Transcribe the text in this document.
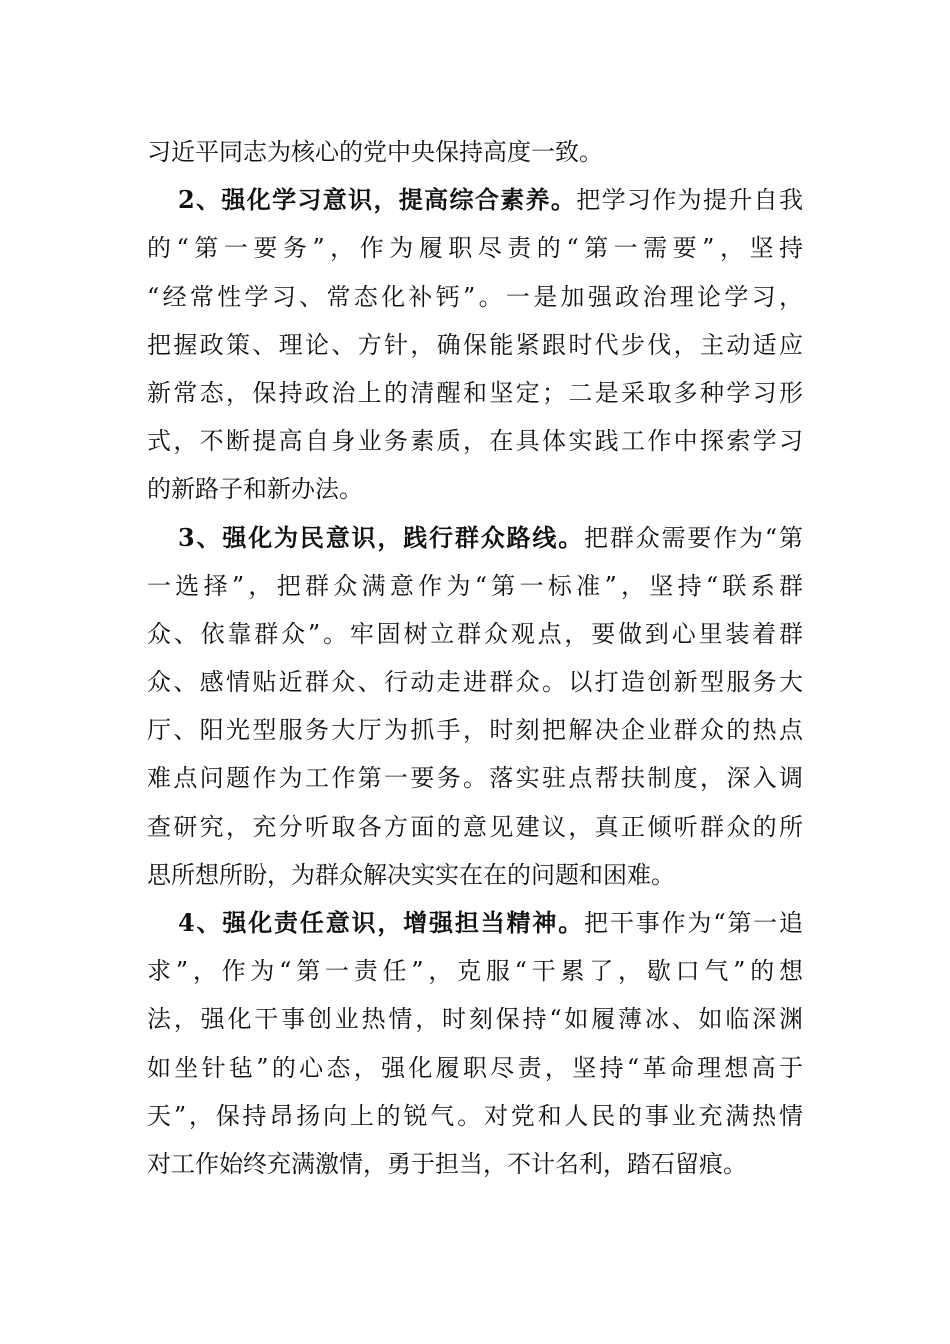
习近平同志为核心的党中央保持高度一致。
2、强化学习意识，提高综合素养。把学习作为提升自我
的“第一要务”，作为履职尽责的“第一需要”，坚持
“经常性学习、常态化补钙”。一是加强政治理论学习，
把握政策、理论、方针，确保能紧跟时代步伐，主动适应
新常态，保持政治上的清醒和坚定；二是采取多种学习形
式，不断提高自身业务素质，在具体实践工作中探索学习
的新路子和新办法。
3、强化为民意识，践行群众路线。把群众需要作为“第
一选择”，把群众满意作为“第一标准”，坚持“联系群
众、依靠群众”。牢固树立群众观点，要做到心里装着群
众、感情贴近群众、行动走进群众。以打造创新型服务大
厅、阳光型服务大厅为抓手，时刻把解决企业群众的热点
难点问题作为工作第一要务。落实驻点帮扶制度，深入调
查研究，充分听取各方面的意见建议，真正倾听群众的所
思所想所盼，为群众解决实实在在的问题和困难。
4、强化责任意识，增强担当精神。把干事作为“第一追
求”，作为“第一责任”，克服“干累了，歇口气”的想
法，强化干事创业热情，时刻保持“如履薄冰、如临深渊
如坐针毡”的心态，强化履职尽责，坚持“革命理想高于
天”，保持昂扬向上的锐气。对党和人民的事业充满热情
对工作始终充满激情，勇于担当，不计名利，踏石留痕。
